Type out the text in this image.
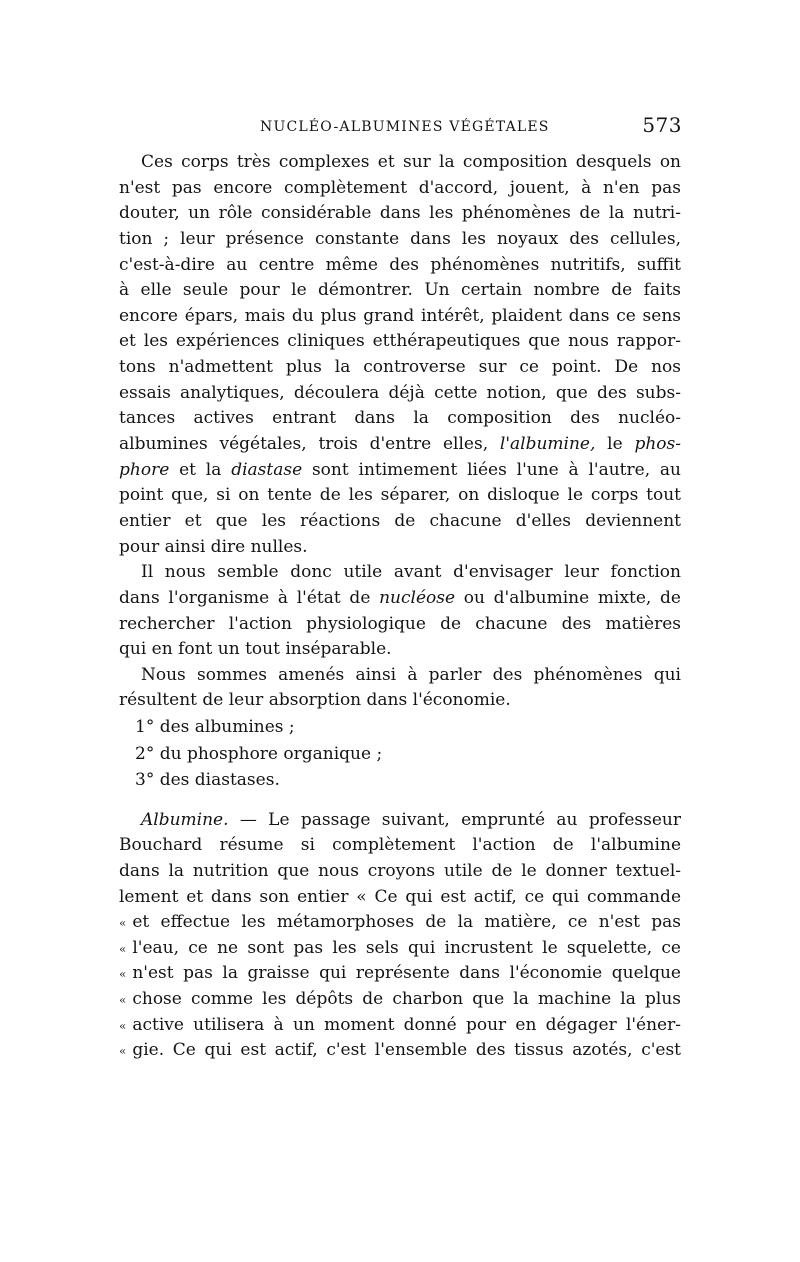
NUCLÉO-ALBUMINES VÉGÉTALES	573
Ces corps très complexes et sur la composition desquels on
n'est pas encore complètement d'accord, jouent, à n'en pas
douter, un rôle considérable dans les phénomènes de la nutri-
tion ; leur présence constante dans les noyaux des cellules,
c'est-à-dire au centre même des phénomènes nutritifs, suffit
à elle seule pour le démontrer. Un certain nombre de faits
encore épars, mais du plus grand intérêt, plaident dans ce sens
et les expériences cliniques etthérapeutiques que nous rappor-
tons n'admettent plus la controverse sur ce point. De nos
essais analytiques, découlera déjà cette notion, que des subs-
tances actives entrant dans la composition des nucléo-
albumines végétales, trois d'entre elles, l'albumine, le phos-
phore et la diastase sont intimement liées l'une à l'autre, au
point que, si on tente de les séparer, on disloque le corps tout
entier et que les réactions de chacune d'elles deviennent
pour ainsi dire nulles.
Il nous semble donc utile avant d'envisager leur fonction
dans l'organisme à l'état de nucléose ou d'albumine mixte, de
rechercher l'action physiologique de chacune des matières
qui en font un tout inséparable.
Nous sommes amenés ainsi à parler des phénomènes qui
résultent de leur absorption dans l'économie.
1° des albumines ;
2° du phosphore organique ;
3° des diastases.
Albumine. — Le passage suivant, emprunté au professeur
Bouchard résume si complètement l'action de l'albumine
dans la nutrition que nous croyons utile de le donner textuel-
lement et dans son entier « Ce qui est actif, ce qui commande
« et effectue les métamorphoses de la matière, ce n'est pas
« l'eau, ce ne sont pas les sels qui incrustent le squelette, ce
« n'est pas la graisse qui représente dans l'économie quelque
« chose comme les dépôts de charbon que la machine la plus
« active utilisera à un moment donné pour en dégager l'éner-
« gie. Ce qui est actif, c'est l'ensemble des tissus azotés, c'est
